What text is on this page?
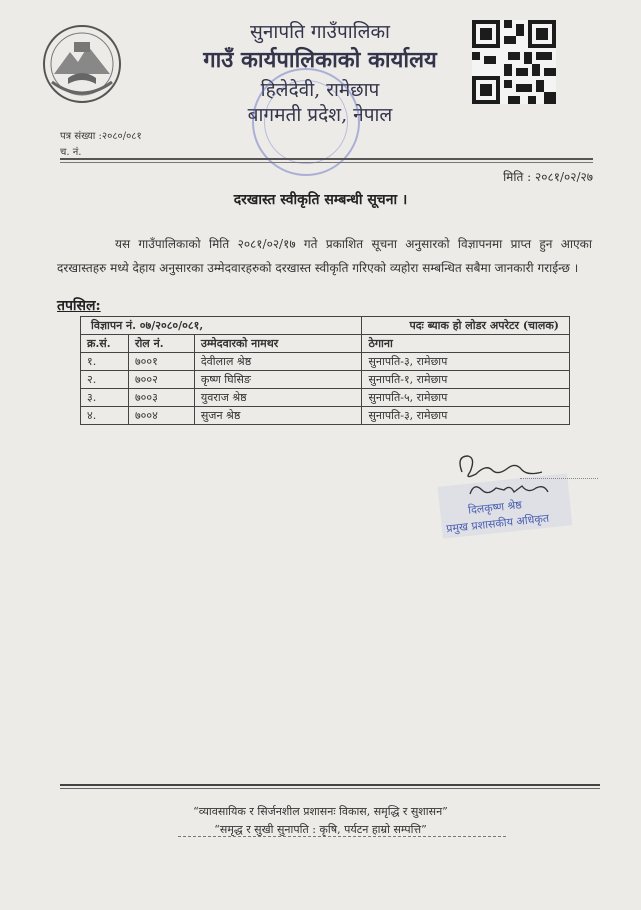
सुनापति गाउँपालिका
गाउँ कार्यपालिकाको कार्यालय
हिलेदेवी, रामेछाप
बागमती प्रदेश, नेपाल
पत्र संख्या :२०८०/०८१
च. नं.
मिति : २०८१/०२/२७
दरखास्त स्वीकृति सम्बन्धी सूचना ।
यस गाउँपालिकाको मिति २०८१/०२/१७ गते प्रकाशित सूचना अनुसारको विज्ञापनमा प्राप्त हुन आएका दरखास्तहरु मध्ये देहाय अनुसारका उम्मेदवारहरुको दरखास्त स्वीकृति गरिएको व्यहोरा सम्बन्धित सबैमा जानकारी गराईन्छ ।
तपसिल:
विज्ञापन नं. ०७/२०८०/०८१,			पदः ब्याक हो लोडर अपरेटर (चालक)
क्र.सं.	रोल नं.	उम्मेदवारको नामथर	ठेगाना
१.	७००१	देवीलाल श्रेष्ठ	सुनापति-३, रामेछाप
२.	७००२	कृष्ण घिसिङ	सुनापति-१, रामेछाप
३.	७००३	युवराज श्रेष्ठ	सुनापति-५, रामेछाप
४.	७००४	सुजन श्रेष्ठ	सुनापति-३, रामेछाप
दिलकृष्ण श्रेष्ठ
प्रमुख प्रशासकीय अधिकृत
“व्यावसायिक र सिर्जनशील प्रशासनः विकास, समृद्धि र सुशासन”
“समृद्ध र सुखी सुनापति : कृषि, पर्यटन हाम्रो सम्पत्ति”
